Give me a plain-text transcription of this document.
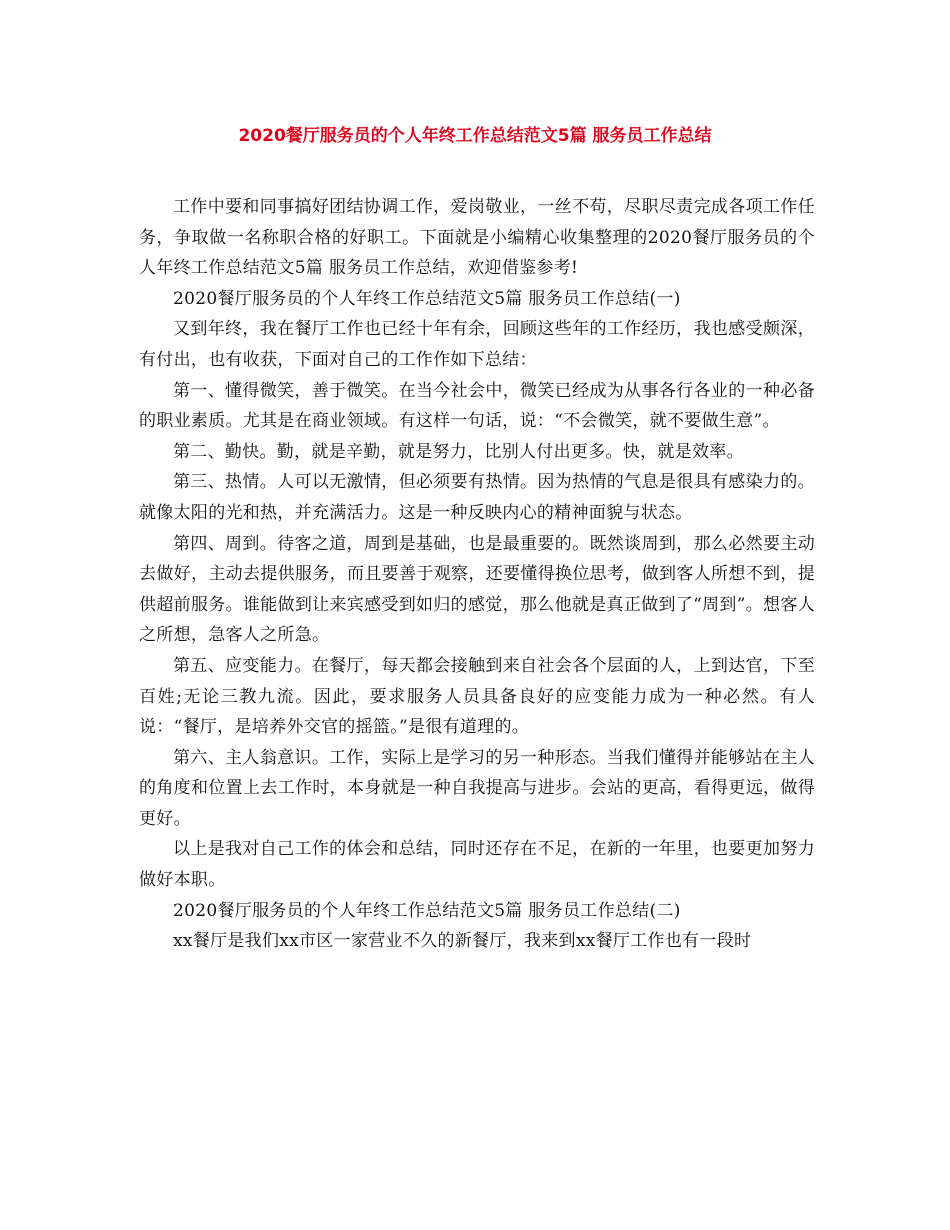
2020餐厅服务员的个人年终工作总结范文5篇 服务员工作总结

工作中要和同事搞好团结协调工作，爱岗敬业，一丝不苟，尽职尽责完成各项工作任务，争取做一名称职合格的好职工。下面就是小编精心收集整理的2020餐厅服务员的个人年终工作总结范文5篇 服务员工作总结，欢迎借鉴参考!

2020餐厅服务员的个人年终工作总结范文5篇 服务员工作总结(一)

又到年终，我在餐厅工作也已经十年有余，回顾这些年的工作经历，我也感受颇深，有付出，也有收获，下面对自己的工作作如下总结：

第一、懂得微笑，善于微笑。在当今社会中，微笑已经成为从事各行各业的一种必备的职业素质。尤其是在商业领域。有这样一句话，说：“不会微笑，就不要做生意”。

第二、勤快。勤，就是辛勤，就是努力，比别人付出更多。快，就是效率。

第三、热情。人可以无激情，但必须要有热情。因为热情的气息是很具有感染力的。就像太阳的光和热，并充满活力。这是一种反映内心的精神面貌与状态。

第四、周到。待客之道，周到是基础，也是最重要的。既然谈周到，那么必然要主动去做好，主动去提供服务，而且要善于观察，还要懂得换位思考，做到客人所想不到，提供超前服务。谁能做到让来宾感受到如归的感觉，那么他就是真正做到了“周到”。想客人之所想，急客人之所急。

第五、应变能力。在餐厅，每天都会接触到来自社会各个层面的人，上到达官，下至百姓;无论三教九流。因此，要求服务人员具备良好的应变能力成为一种必然。有人说：“餐厅，是培养外交官的摇篮。”是很有道理的。

第六、主人翁意识。工作，实际上是学习的另一种形态。当我们懂得并能够站在主人的角度和位置上去工作时，本身就是一种自我提高与进步。会站的更高，看得更远，做得更好。

以上是我对自己工作的体会和总结，同时还存在不足，在新的一年里，也要更加努力做好本职。

2020餐厅服务员的个人年终工作总结范文5篇 服务员工作总结(二)

xx餐厅是我们xx市区一家营业不久的新餐厅，我来到xx餐厅工作也有一段时
